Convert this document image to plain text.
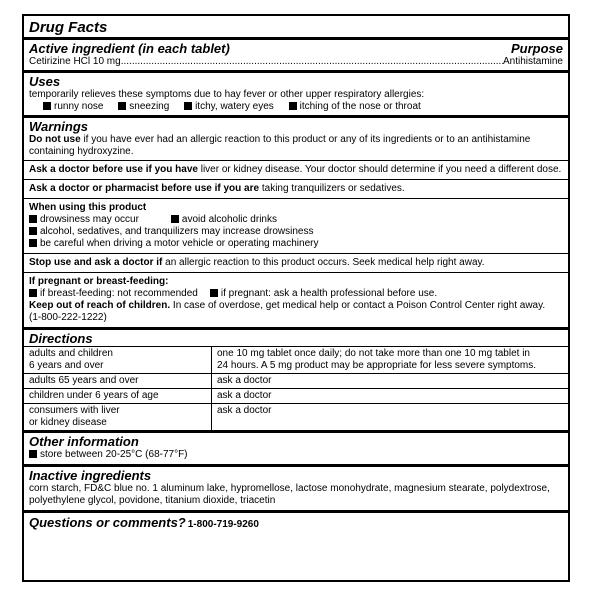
Drug Facts
Active ingredient (in each tablet)	Purpose
Cetirizine HCl 10 mg .....	Antihistamine
Uses
temporarily relieves these symptoms due to hay fever or other upper respiratory allergies:
runny nose	sneezing	itchy, watery eyes	itching of the nose or throat
Warnings
Do not use if you have ever had an allergic reaction to this product or any of its ingredients or to an antihistamine
containing hydroxyzine.
Ask a doctor before use if you have liver or kidney disease. Your doctor should determine if you need a different dose.
Ask a doctor or pharmacist before use if you are taking tranquilizers or sedatives.
When using this product
drowsiness may occur	avoid alcoholic drinks
alcohol, sedatives, and tranquilizers may increase drowsiness
be careful when driving a motor vehicle or operating machinery
Stop use and ask a doctor if an allergic reaction to this product occurs. Seek medical help right away.
If pregnant or breast-feeding:
if breast-feeding: not recommended if pregnant: ask a health professional before use.
Keep out of reach of children. In case of overdose, get medical help or contact a Poison Control Center right away.
(1-800-222-1222)
Directions
adults and children
6 years and over	one 10 mg tablet once daily; do not take more than one 10 mg tablet in
24 hours. A 5 mg product may be appropriate for less severe symptoms.
adults 65 years and over	ask a doctor
children under 6 years of age	ask a doctor
consumers with liver
or kidney disease	ask a doctor
Other information
store between 20-25°C (68-77°F)
Inactive ingredients
corn starch, FD&C blue no. 1 aluminum lake, hypromellose, lactose monohydrate, magnesium stearate, polydextrose,
polyethylene glycol, povidone, titanium dioxide, triacetin
Questions or comments? 1-800-719-9260
